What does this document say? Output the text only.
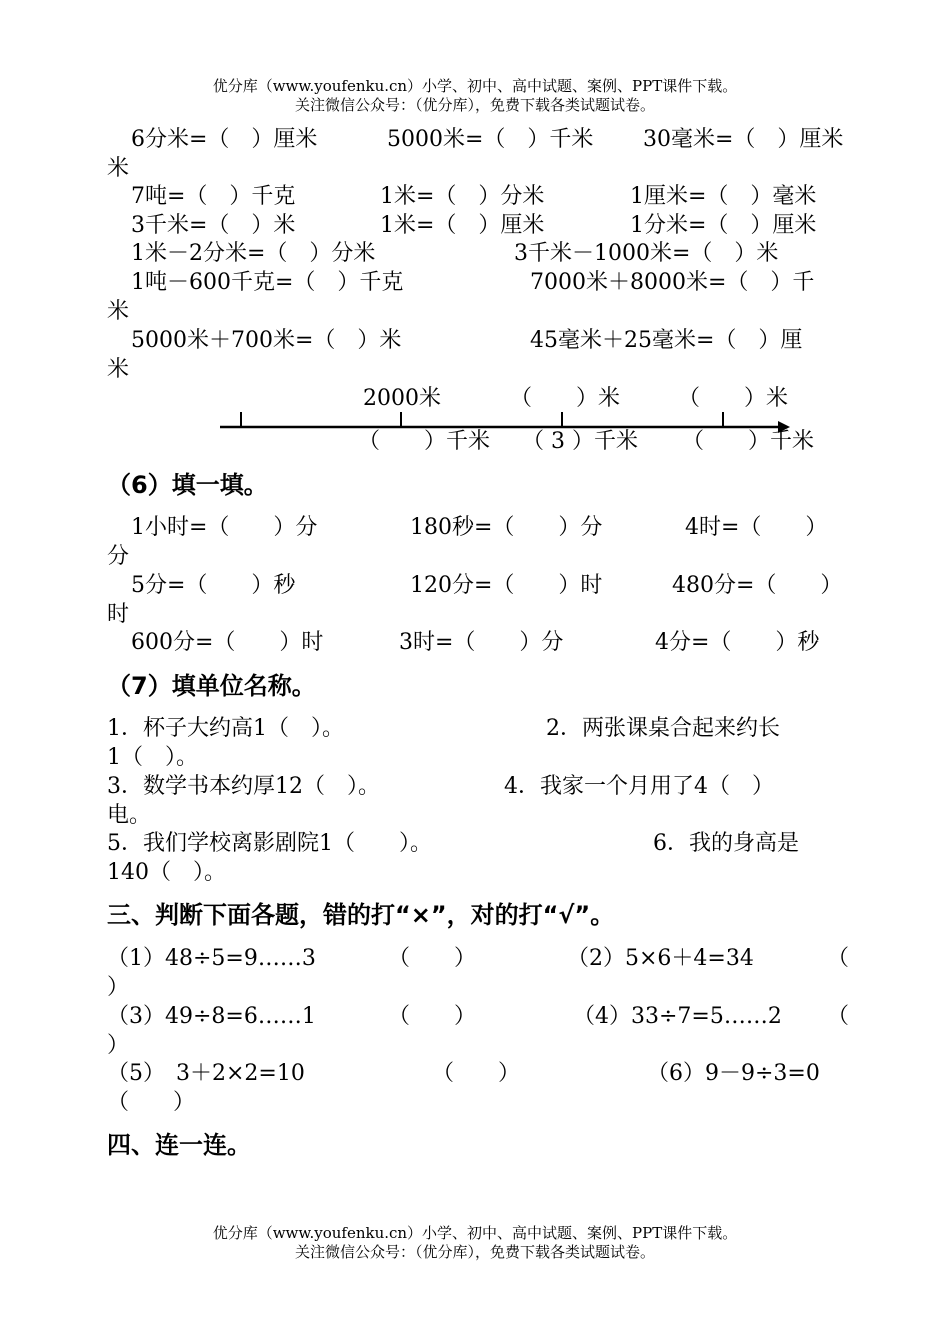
优分库（www.youfenku.cn）小学、初中、高中试题、案例、PPT课件下载。
关注微信公众号：（优分库），免费下载各类试题试卷。
6分米=（　）厘米	5000米=（　）千米 30毫米=（　）厘米
米
7吨=（　）千克	1米=（　）分米	1厘米=（　）毫米
3千米=（　）米	1米=（　）厘米	1分米=（　）厘米
1米－2分米=（　）分米	3千米－1000米=（　）米
1吨－600千克=（　）千克	7000米＋8000米=（　）千
米
5000米＋700米=（　）米	45毫米＋25毫米=（　）厘
米
2000米	（　　）米	（　　）米
（　　）千米 （ 3 ）千米 （　　）千米
（6）填一填。
1小时=（　　）分	180秒=（　　）分	4时=（　　）
分
5分=（　　）秒	120分=（　　）时	480分=（　　）
时
600分=（　　）时	3时=（　　）分	4分=（　　）秒
（7）填单位名称。
1．杯子大约高1（　）。	2．两张课桌合起来约长
1（　）。
3．数学书本约厚12（　）。	4．我家一个月用了4（　）
电。
5．我们学校离影剧院1（　　）。	6．我的身高是
140（　）。
三、判断下面各题，错的打“×”，对的打“√”。
（1）48÷5=9……3	（　　）	（2）5×6＋4=34	（
）
（3）49÷8=6……1	（　　）	（4）33÷7=5……2 （
）
（5）　3＋2×2=10	（　　）	（6）9－9÷3=0
（　　）
四、连一连。
优分库（www.youfenku.cn）小学、初中、高中试题、案例、PPT课件下载。
关注微信公众号：（优分库），免费下载各类试题试卷。
